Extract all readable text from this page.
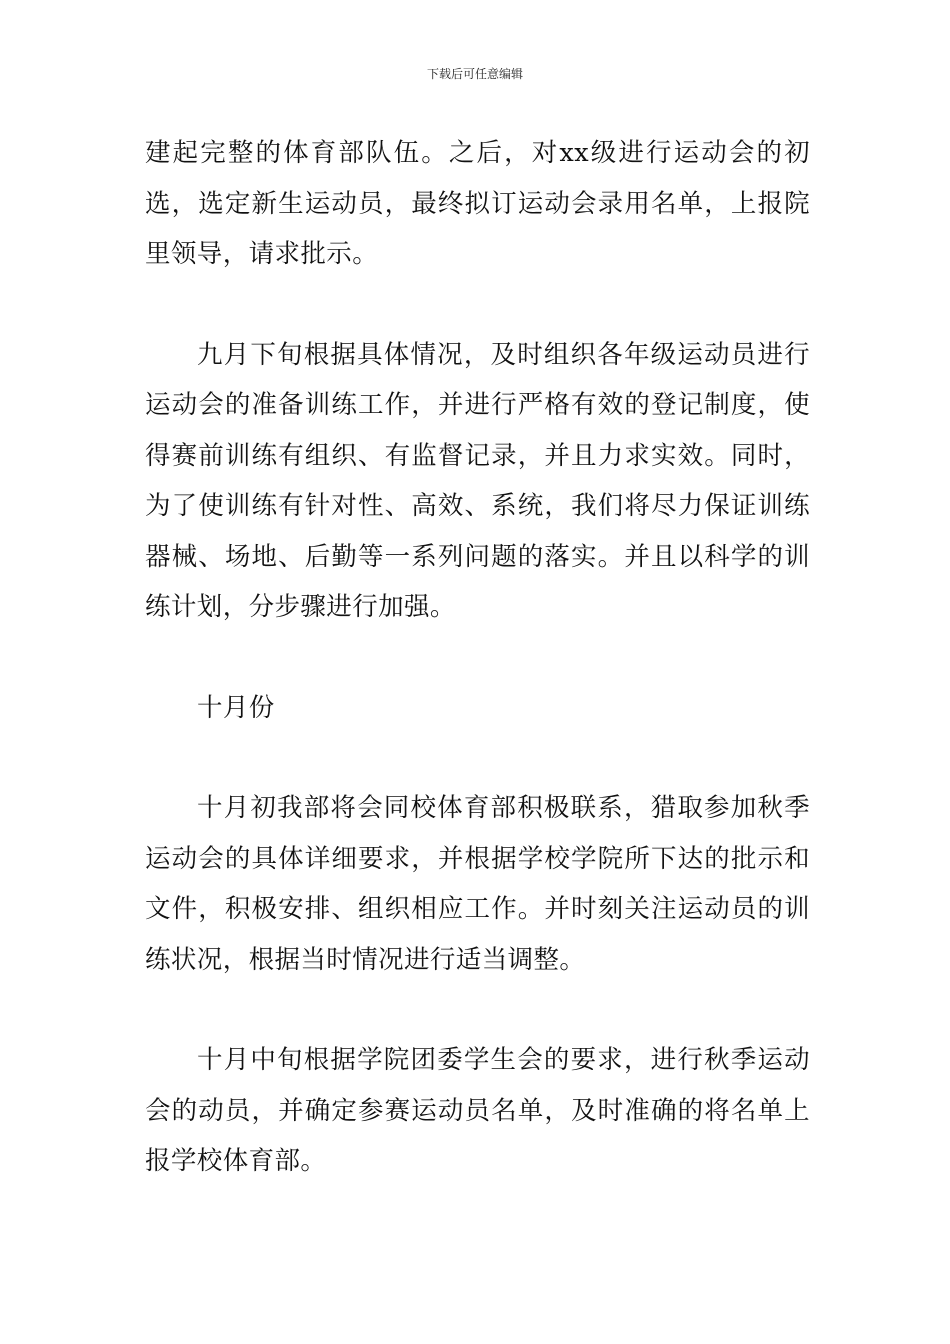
下载后可任意编辑

建起完整的体育部队伍。之后，对xx级进行运动会的初选，选定新生运动员，最终拟订运动会录用名单，上报院里领导，请求批示。

九月下旬根据具体情况，及时组织各年级运动员进行运动会的准备训练工作，并进行严格有效的登记制度，使得赛前训练有组织、有监督记录，并且力求实效。同时，为了使训练有针对性、高效、系统，我们将尽力保证训练器械、场地、后勤等一系列问题的落实。并且以科学的训练计划，分步骤进行加强。

十月份

十月初我部将会同校体育部积极联系，猎取参加秋季运动会的具体详细要求，并根据学校学院所下达的批示和文件，积极安排、组织相应工作。并时刻关注运动员的训练状况，根据当时情况进行适当调整。

十月中旬根据学院团委学生会的要求，进行秋季运动会的动员，并确定参赛运动员名单，及时准确的将名单上报学校体育部。
